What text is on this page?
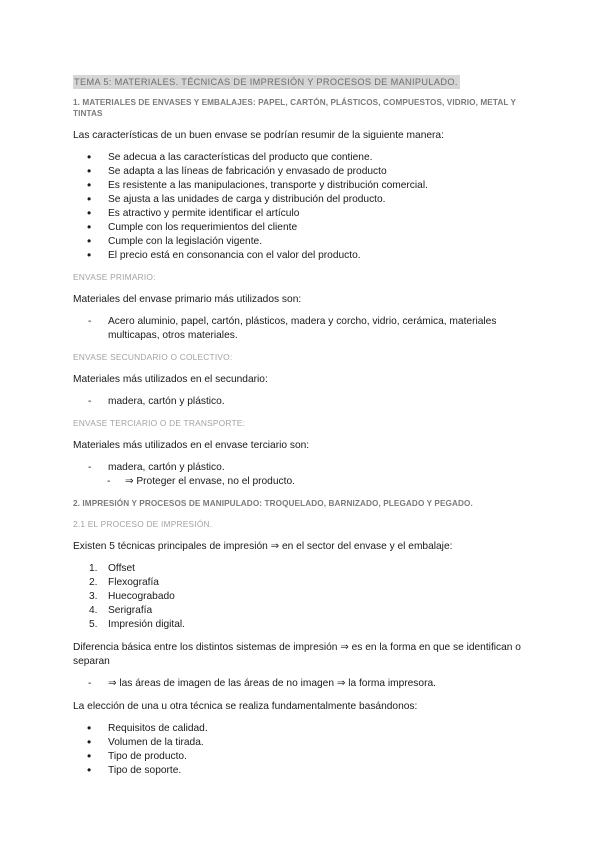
TEMA 5: MATERIALES. TÉCNICAS DE IMPRESIÓN Y PROCESOS DE MANIPULADO.
1. MATERIALES DE ENVASES Y EMBALAJES: PAPEL, CARTÓN, PLÁSTICOS, COMPUESTOS, VIDRIO, METAL Y TINTAS

Las características de un buen envase se podrían resumir de la siguiente manera:

• Se adecua a las características del producto que contiene.
• Se adapta a las líneas de fabricación y envasado de producto
• Es resistente a las manipulaciones, transporte y distribución comercial.
• Se ajusta a las unidades de carga y distribución del producto.
• Es atractivo y permite identificar el artículo
• Cumple con los requerimientos del cliente
• Cumple con la legislación vigente.
• El precio está en consonancia con el valor del producto.
ENVASE PRIMARIO:

Materiales del envase primario más utilizados son:

- Acero aluminio, papel, cartón, plásticos, madera y corcho, vidrio, cerámica, materiales multicapas, otros materiales.
ENVASE SECUNDARIO O COLECTIVO:

Materiales más utilizados en el secundario:

- madera, cartón y plástico.
ENVASE TERCIARIO O DE TRANSPORTE:

Materiales más utilizados en el envase terciario son:

- madera, cartón y plástico.
- ⇒ Proteger el envase, no el producto.
2. IMPRESIÓN Y PROCESOS DE MANIPULADO: TROQUELADO, BARNIZADO, PLEGADO Y PEGADO.
2.1 EL PROCESO DE IMPRESIÓN.

Existen 5 técnicas principales de impresión ⇒ en el sector del envase y el embalaje:

1. Offset
2. Flexografía
3. Huecograbado
4. Serigrafía
5. Impresión digital.

Diferencia básica entre los distintos sistemas de impresión ⇒ es en la forma en que se identifican o separan

- ⇒ las áreas de imagen de las áreas de no imagen ⇒ la forma impresora.

La elección de una u otra técnica se realiza fundamentalmente basándonos:

• Requisitos de calidad.
• Volumen de la tirada.
• Tipo de producto.
• Tipo de soporte.
